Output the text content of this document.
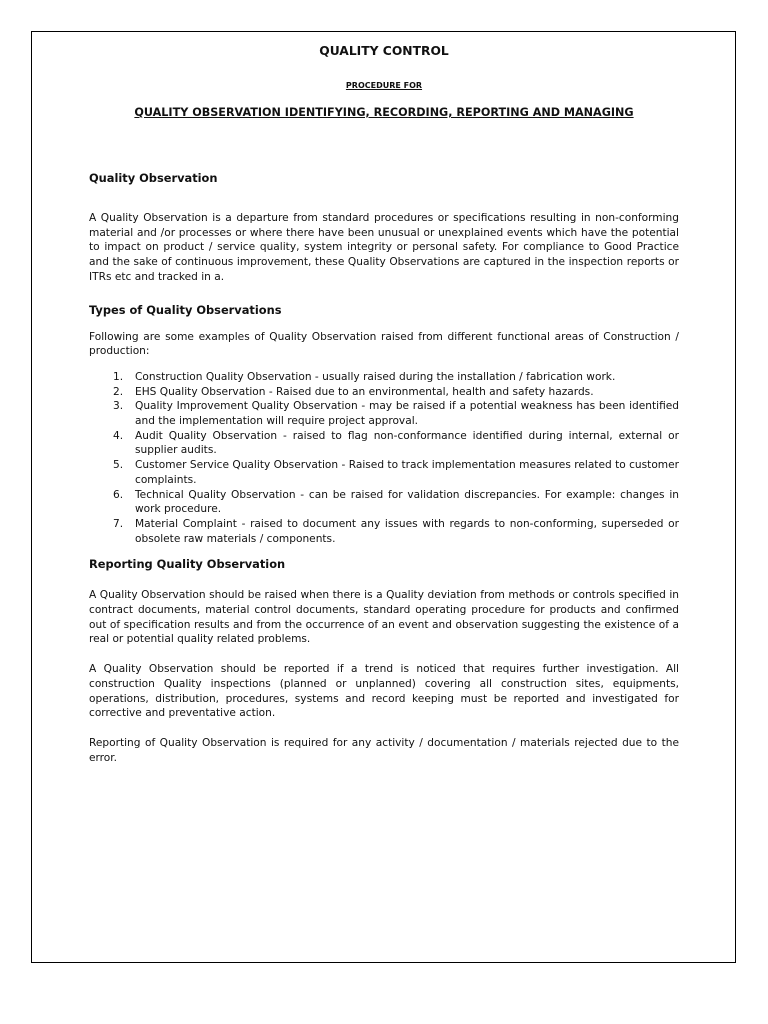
QUALITY CONTROL
PROCEDURE FOR
QUALITY OBSERVATION IDENTIFYING, RECORDING, REPORTING AND MANAGING
Quality Observation

A Quality Observation is a departure from standard procedures or specifications resulting in non-conforming material and /or processes or where there have been unusual or unexplained events which have the potential to impact on product / service quality, system integrity or personal safety. For compliance to Good Practice and the sake of continuous improvement, these Quality Observations are captured in the inspection reports or ITRs etc and tracked in a.

Types of Quality Observations

Following are some examples of Quality Observation raised from different functional areas of Construction / production:

1.	Construction Quality Observation - usually raised during the installation / fabrication work.
2.	EHS Quality Observation - Raised due to an environmental, health and safety hazards.
3.	Quality Improvement Quality Observation - may be raised if a potential weakness has been identified and the implementation will require project approval.
4.	Audit Quality Observation - raised to flag non-conformance identified during internal, external or supplier audits.
5.	Customer Service Quality Observation - Raised to track implementation measures related to customer complaints.
6.	Technical Quality Observation - can be raised for validation discrepancies. For example: changes in work procedure.
7.	Material Complaint - raised to document any issues with regards to non-conforming, superseded or obsolete raw materials / components.
Reporting Quality Observation

A Quality Observation should be raised when there is a Quality deviation from methods or controls specified in contract documents, material control documents, standard operating procedure for products and confirmed out of specification results and from the occurrence of an event and observation suggesting the existence of a real or potential quality related problems.

A Quality Observation should be reported if a trend is noticed that requires further investigation. All construction Quality inspections (planned or unplanned) covering all construction sites, equipments, operations, distribution, procedures, systems and record keeping must be reported and investigated for corrective and preventative action.

Reporting of Quality Observation is required for any activity / documentation / materials rejected due to the error.
